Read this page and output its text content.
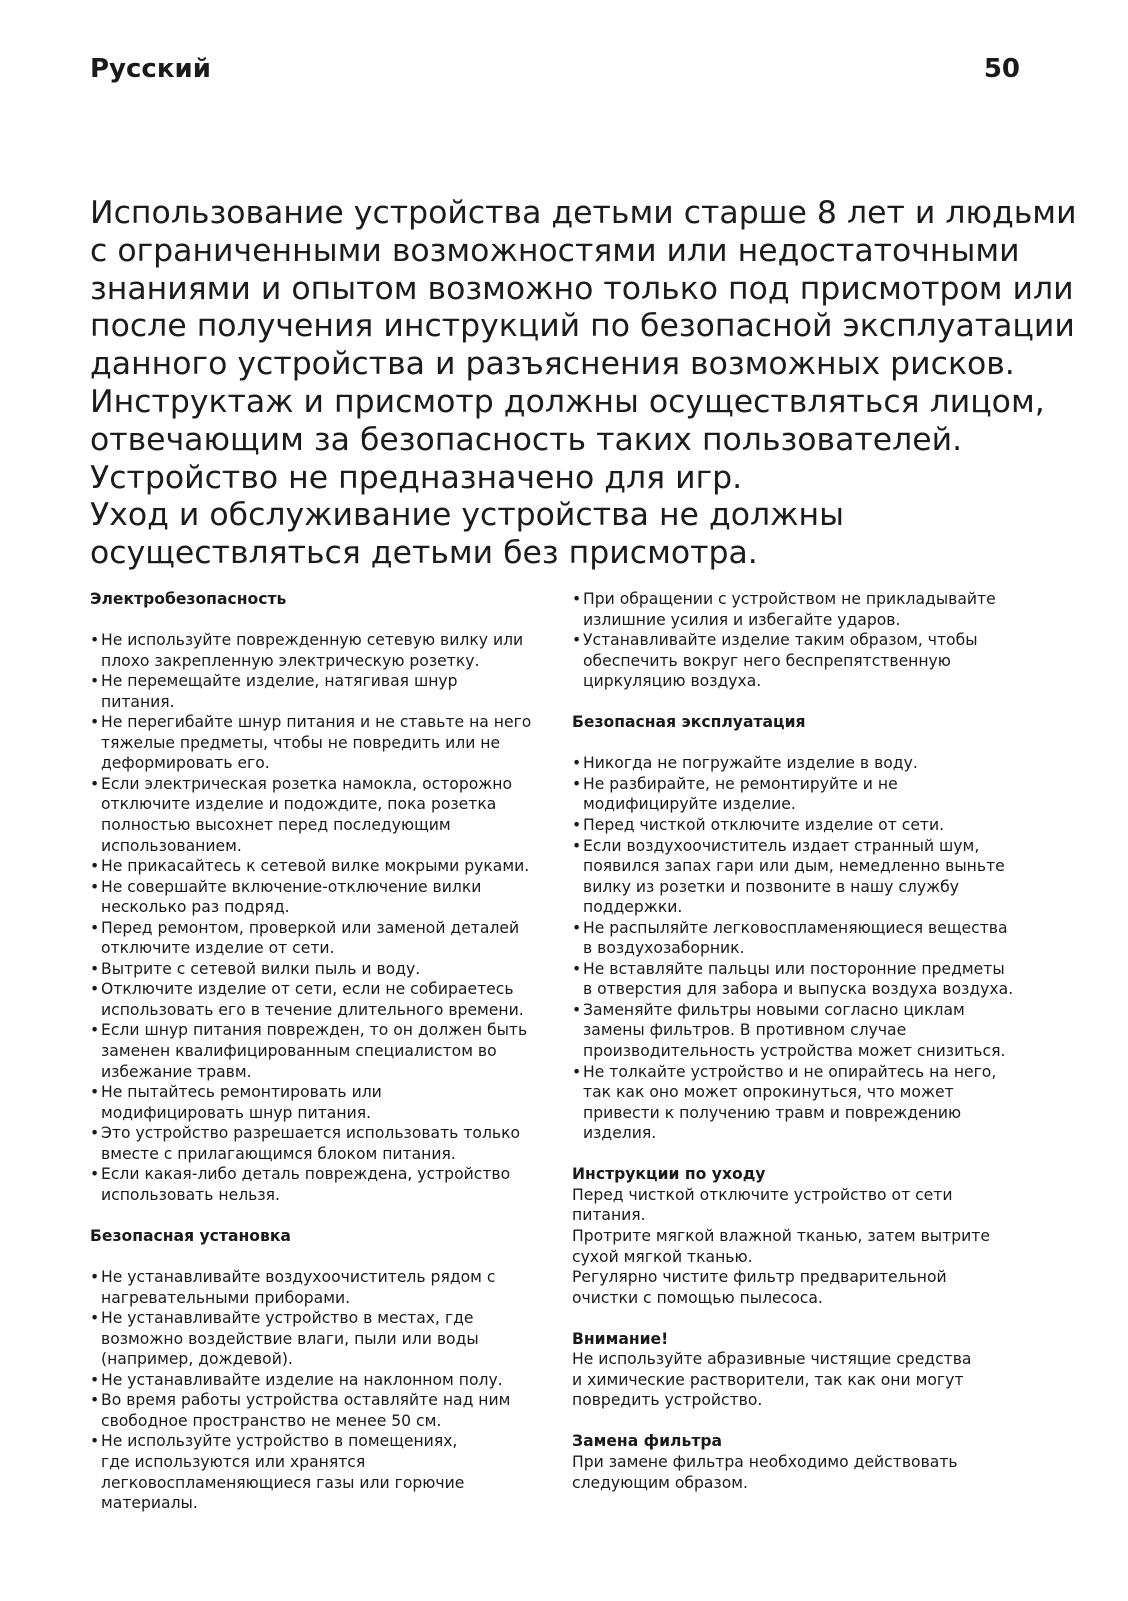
Русский	50
Использование устройства детьми старше 8 лет и людьми
с ограниченными возможностями или недостаточными
знаниями и опытом возможно только под присмотром или
после получения инструкций по безопасной эксплуатации
данного устройства и разъяснения возможных рисков.
Инструктаж и присмотр должны осуществляться лицом,
отвечающим за безопасность таких пользователей.
Устройство не предназначено для игр.
Уход и обслуживание устройства не должны
осуществляться детьми без присмотра.
Электробезопасность
• Не используйте поврежденную сетевую вилку или
плохо закрепленную электрическую розетку.
• Не перемещайте изделие, натягивая шнур
питания.
• Не перегибайте шнур питания и не ставьте на него
тяжелые предметы, чтобы не повредить или не
деформировать его.
• Если электрическая розетка намокла, осторожно
отключите изделие и подождите, пока розетка
полностью высохнет перед последующим
использованием.
• Не прикасайтесь к сетевой вилке мокрыми руками.
• Не совершайте включение-отключение вилки
несколько раз подряд.
• Перед ремонтом, проверкой или заменой деталей
отключите изделие от сети.
• Вытрите с сетевой вилки пыль и воду.
• Отключите изделие от сети, если не собираетесь
использовать его в течение длительного времени.
• Если шнур питания поврежден, то он должен быть
заменен квалифицированным специалистом во
избежание травм.
• Не пытайтесь ремонтировать или
модифицировать шнур питания.
• Это устройство разрешается использовать только
вместе с прилагающимся блоком питания.
• Если какая-либо деталь повреждена, устройство
использовать нельзя.
Безопасная установка
• Не устанавливайте воздухоочиститель рядом с
нагревательными приборами.
• Не устанавливайте устройство в местах, где
возможно воздействие влаги, пыли или воды
(например, дождевой).
• Не устанавливайте изделие на наклонном полу.
• Во время работы устройства оставляйте над ним
свободное пространство не менее 50 см.
• Не используйте устройство в помещениях,
где используются или хранятся
легковоспламеняющиеся газы или горючие
материалы.
• При обращении с устройством не прикладывайте
излишние усилия и избегайте ударов.
• Устанавливайте изделие таким образом, чтобы
обеспечить вокруг него беспрепятственную
циркуляцию воздуха.
Безопасная эксплуатация
• Никогда не погружайте изделие в воду.
• Не разбирайте, не ремонтируйте и не
модифицируйте изделие.
• Перед чисткой отключите изделие от сети.
• Если воздухоочиститель издает странный шум,
появился запах гари или дым, немедленно выньте
вилку из розетки и позвоните в нашу службу
поддержки.
• Не распыляйте легковоспламеняющиеся вещества
в воздухозаборник.
• Не вставляйте пальцы или посторонние предметы
в отверстия для забора и выпуска воздуха воздуха.
• Заменяйте фильтры новыми согласно циклам
замены фильтров. В противном случае
производительность устройства может снизиться.
• Не толкайте устройство и не опирайтесь на него,
так как оно может опрокинуться, что может
привести к получению травм и повреждению
изделия.
Инструкции по уходу
Перед чисткой отключите устройство от сети
питания.
Протрите мягкой влажной тканью, затем вытрите
сухой мягкой тканью.
Регулярно чистите фильтр предварительной
очистки с помощью пылесоса.
Внимание!
Не используйте абразивные чистящие средства
и химические растворители, так как они могут
повредить устройство.
Замена фильтра
При замене фильтра необходимо действовать
следующим образом.
